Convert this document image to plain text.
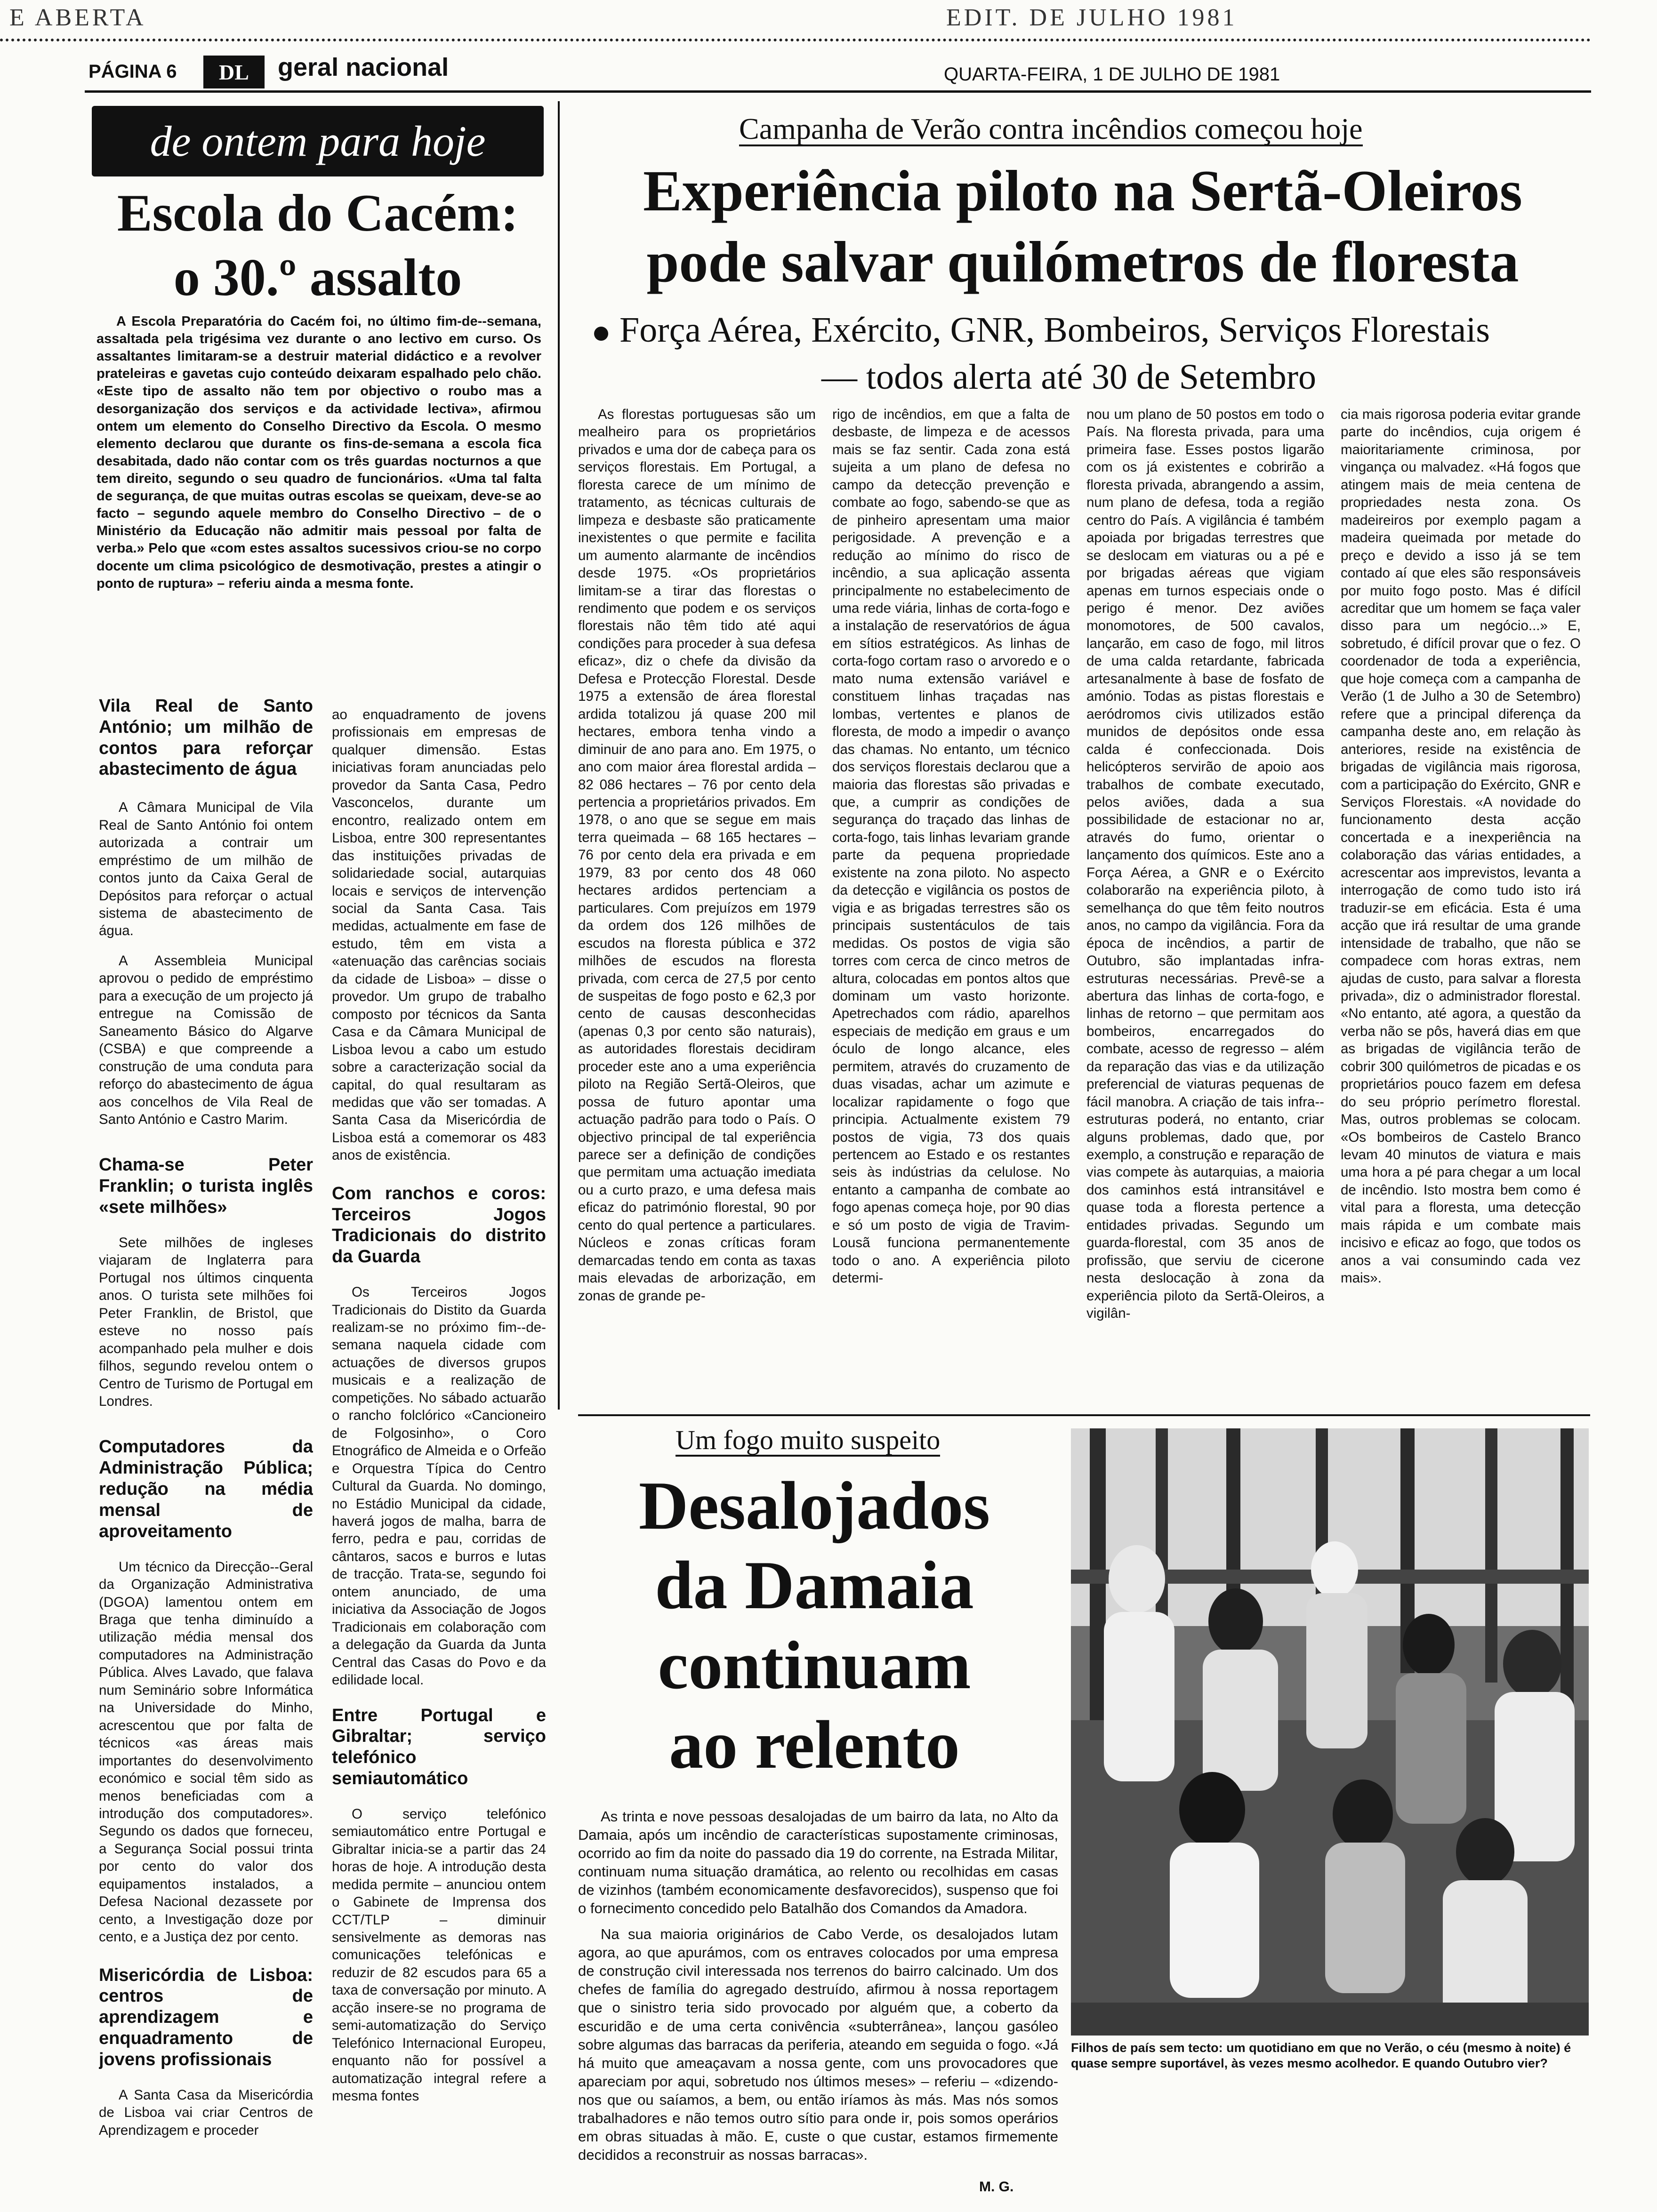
E ABERTA	EDIT. DE JULHO 1981
PÁGINA 6	DL	geral nacional	QUARTA-FEIRA, 1 DE JULHO DE 1981
de ontem para hoje
Escola do Cacém:
o 30.º assalto
A Escola Preparatória do Cacém foi, no último fim-de--semana, assaltada pela trigésima vez durante o ano lectivo em curso. Os assaltantes limitaram-se a destruir material didáctico e a revolver prateleiras e gavetas cujo conteúdo deixaram espalhado pelo chão. «Este tipo de assalto não tem por objectivo o roubo mas a desorganização dos serviços e da actividade lectiva», afirmou ontem um elemento do Conselho Directivo da Escola. O mesmo elemento declarou que durante os fins-de-semana a escola fica desabitada, dado não contar com os três guardas nocturnos a que tem direito, segundo o seu quadro de funcionários. «Uma tal falta de segurança, de que muitas outras escolas se queixam, deve-se ao facto – segundo aquele membro do Conselho Directivo – de o Ministério da Educação não admitir mais pessoal por falta de verba.» Pelo que «com estes assaltos sucessivos criou-se no corpo docente um clima psicológico de desmotivação, prestes a atingir o ponto de ruptura» – referiu ainda a mesma fonte.
Vila Real de Santo António; um milhão de contos para reforçar abastecimento de água

A Câmara Municipal de Vila Real de Santo António foi ontem autorizada a contrair um empréstimo de um milhão de contos junto da Caixa Geral de Depósitos para reforçar o actual sistema de abastecimento de água.

A Assembleia Municipal aprovou o pedido de empréstimo para a execução de um projecto já entregue na Comissão de Saneamento Básico do Algarve (CSBA) e que compreende a construção de uma conduta para reforço do abastecimento de água aos concelhos de Vila Real de Santo António e Castro Marim.

Chama-se Peter Franklin; o turista inglês «sete milhões»

Sete milhões de ingleses viajaram de Inglaterra para Portugal nos últimos cinquenta anos. O turista sete milhões foi Peter Franklin, de Bristol, que esteve no nosso país acompanhado pela mulher e dois filhos, segundo revelou ontem o Centro de Turismo de Portugal em Londres.

Computadores da Administração Pública; redução na média mensal de aproveitamento

Um técnico da Direcção--Geral da Organização Administrativa (DGOA) lamentou ontem em Braga que tenha diminuído a utilização média mensal dos computadores na Administração Pública. Alves Lavado, que falava num Seminário sobre Informática na Universidade do Minho, acrescentou que por falta de técnicos «as áreas mais importantes do desenvolvimento económico e social têm sido as menos beneficiadas com a introdução dos computadores». Segundo os dados que forneceu, a Segurança Social possui trinta por cento do valor dos equipamentos instalados, a Defesa Nacional dezassete por cento, a Investigação doze por cento, e a Justiça dez por cento.

Misericórdia de Lisboa: centros de aprendizagem e enquadramento de jovens profissionais

A Santa Casa da Misericórdia de Lisboa vai criar Centros de Aprendizagem e proceder

ao enquadramento de jovens profissionais em empresas de qualquer dimensão. Estas iniciativas foram anunciadas pelo provedor da Santa Casa, Pedro Vasconcelos, durante um encontro, realizado ontem em Lisboa, entre 300 representantes das instituições privadas de solidariedade social, autarquias locais e serviços de intervenção social da Santa Casa. Tais medidas, actualmente em fase de estudo, têm em vista a «atenuação das carências sociais da cidade de Lisboa» – disse o provedor. Um grupo de trabalho composto por técnicos da Santa Casa e da Câmara Municipal de Lisboa levou a cabo um estudo sobre a caracterização social da capital, do qual resultaram as medidas que vão ser tomadas. A Santa Casa da Misericórdia de Lisboa está a comemorar os 483 anos de existência.

Com ranchos e coros: Terceiros Jogos Tradicionais do distrito da Guarda

Os Terceiros Jogos Tradicionais do Distito da Guarda realizam-se no próximo fim--de-semana naquela cidade com actuações de diversos grupos musicais e a realização de competições. No sábado actuarão o rancho folclórico «Cancioneiro de Folgosinho», o Coro Etnográfico de Almeida e o Orfeão e Orquestra Típica do Centro Cultural da Guarda. No domingo, no Estádio Municipal da cidade, haverá jogos de malha, barra de ferro, pedra e pau, corridas de cântaros, sacos e burros e lutas de tracção. Trata-se, segundo foi ontem anunciado, de uma iniciativa da Associação de Jogos Tradicionais em colaboração com a delegação da Guarda da Junta Central das Casas do Povo e da edilidade local.

Entre Portugal e Gibraltar; serviço telefónico semiautomático

O serviço telefónico semiautomático entre Portugal e Gibraltar inicia-se a partir das 24 horas de hoje. A introdução desta medida permite – anunciou ontem o Gabinete de Imprensa dos CCT/TLP – diminuir sensivelmente as demoras nas comunicações telefónicas e reduzir de 82 escudos para 65 a taxa de conversação por minuto. A acção insere-se no programa de semi-automatização do Serviço Telefónico Internacional Europeu, enquanto não for possível a automatização integral refere a mesma fontes

Campanha de Verão contra incêndios começou hoje
Experiência piloto na Sertã-Oleiros
pode salvar quilómetros de floresta
Força Aérea, Exército, GNR, Bombeiros, Serviços Florestais
— todos alerta até 30 de Setembro

As florestas portuguesas são um mealheiro para os proprietários privados e uma dor de cabeça para os serviços florestais. Em Portugal, a floresta carece de um mínimo de tratamento, as técnicas culturais de limpeza e desbaste são praticamente inexistentes o que permite e facilita um aumento alarmante de incêndios desde 1975. «Os proprietários limitam-se a tirar das florestas o rendimento que podem e os serviços florestais não têm tido até aqui condições para proceder à sua defesa eficaz», diz o chefe da divisão da Defesa e Protecção Florestal. Desde 1975 a extensão de área florestal ardida totalizou já quase 200 mil hectares, embora tenha vindo a diminuir de ano para ano. Em 1975, o ano com maior área florestal ardida – 82 086 hectares – 76 por cento dela pertencia a proprietários privados. Em 1978, o ano que se segue em mais terra queimada – 68 165 hectares – 76 por cento dela era privada e em 1979, 83 por cento dos 48 060 hectares ardidos pertenciam a particulares. Com prejuízos em 1979 da ordem dos 126 milhões de escudos na floresta pública e 372 milhões de escudos na floresta privada, com cerca de 27,5 por cento de suspeitas de fogo posto e 62,3 por cento de causas desconhecidas (apenas 0,3 por cento são naturais), as autoridades florestais decidiram proceder este ano a uma experiência piloto na Região Sertã-Oleiros, que possa de futuro apontar uma actuação padrão para todo o País. O objectivo principal de tal experiência parece ser a definição de condições que permitam uma actuação imediata ou a curto prazo, e uma defesa mais eficaz do património florestal, 90 por cento do qual pertence a particulares. Núcleos e zonas críticas foram demarcadas tendo em conta as taxas mais elevadas de arborização, em zonas de grande pe-

rigo de incêndios, em que a falta de desbaste, de limpeza e de acessos mais se faz sentir. Cada zona está sujeita a um plano de defesa no campo da detecção prevenção e combate ao fogo, sabendo-se que as de pinheiro apresentam uma maior perigosidade. A prevenção e a redução ao mínimo do risco de incêndio, a sua aplicação assenta principalmente no estabelecimento de uma rede viária, linhas de corta-fogo e a instalação de reservatórios de água em sítios estratégicos. As linhas de corta-fogo cortam raso o arvoredo e o mato numa extensão variável e constituem linhas traçadas nas lombas, vertentes e planos de floresta, de modo a impedir o avanço das chamas. No entanto, um técnico dos serviços florestais declarou que a maioria das florestas são privadas e que, a cumprir as condições de segurança do traçado das linhas de corta-fogo, tais linhas levariam grande parte da pequena propriedade existente na zona piloto. No aspecto da detecção e vigilância os postos de vigia e as brigadas terrestres são os principais sustentáculos de tais medidas. Os postos de vigia são torres com cerca de cinco metros de altura, colocadas em pontos altos que dominam um vasto horizonte. Apetrechados com rádio, aparelhos especiais de medição em graus e um óculo de longo alcance, eles permitem, através do cruzamento de duas visadas, achar um azimute e localizar rapidamente o fogo que principia. Actualmente existem 79 postos de vigia, 73 dos quais pertencem ao Estado e os restantes seis às indústrias da celulose. No entanto a campanha de combate ao fogo apenas começa hoje, por 90 dias e só um posto de vigia de Travim-Lousã funciona permanentemente todo o ano. A experiência piloto determi-

nou um plano de 50 postos em todo o País. Na floresta privada, para uma primeira fase. Esses postos ligarão com os já existentes e cobrirão a floresta privada, abrangendo a assim, num plano de defesa, toda a região centro do País. A vigilância é também apoiada por brigadas terrestres que se deslocam em viaturas ou a pé e por brigadas aéreas que vigiam apenas em turnos especiais onde o perigo é menor. Dez aviões monomotores, de 500 cavalos, lançarão, em caso de fogo, mil litros de uma calda retardante, fabricada artesanalmente à base de fosfato de amónio. Todas as pistas florestais e aeródromos civis utilizados estão munidos de depósitos onde essa calda é confeccionada. Dois helicópteros servirão de apoio aos trabalhos de combate executado, pelos aviões, dada a sua possibilidade de estacionar no ar, através do fumo, orientar o lançamento dos químicos. Este ano a Força Aérea, a GNR e o Exército colaborarão na experiência piloto, à semelhança do que têm feito noutros anos, no campo da vigilância. Fora da época de incêndios, a partir de Outubro, são implantadas infra-estruturas necessárias. Prevê-se a abertura das linhas de corta-fogo, e linhas de retorno – que permitam aos bombeiros, encarregados do combate, acesso de regresso – além da reparação das vias e da utilização preferencial de viaturas pequenas de fácil manobra. A criação de tais infra--estruturas poderá, no entanto, criar alguns problemas, dado que, por exemplo, a construção e reparação de vias compete às autarquias, a maioria dos caminhos está intransitável e quase toda a floresta pertence a entidades privadas. Segundo um guarda-florestal, com 35 anos de profissão, que serviu de cicerone nesta deslocação à zona da experiência piloto da Sertã-Oleiros, a vigilân-

cia mais rigorosa poderia evitar grande parte do incêndios, cuja origem é maioritariamente criminosa, por vingança ou malvadez. «Há fogos que atingem mais de meia centena de propriedades nesta zona. Os madeireiros por exemplo pagam a madeira queimada por metade do preço e devido a isso já se tem contado aí que eles são responsáveis por muito fogo posto. Mas é difícil acreditar que um homem se faça valer disso para um negócio...» E, sobretudo, é difícil provar que o fez. O coordenador de toda a experiência, que hoje começa com a campanha de Verão (1 de Julho a 30 de Setembro) refere que a principal diferença da campanha deste ano, em relação às anteriores, reside na existência de brigadas de vigilância mais rigorosa, com a participação do Exército, GNR e Serviços Florestais. «A novidade do funcionamento desta acção concertada e a inexperiência na colaboração das várias entidades, a acrescentar aos imprevistos, levanta a interrogação de como tudo isto irá traduzir-se em eficácia. Esta é uma acção que irá resultar de uma grande intensidade de trabalho, que não se compadece com horas extras, nem ajudas de custo, para salvar a floresta privada», diz o administrador florestal. «No entanto, até agora, a questão da verba não se pôs, haverá dias em que as brigadas de vigilância terão de cobrir 300 quilómetros de picadas e os proprietários pouco fazem em defesa do seu próprio perímetro florestal. Mas, outros problemas se colocam. «Os bombeiros de Castelo Branco levam 40 minutos de viatura e mais uma hora a pé para chegar a um local de incêndio. Isto mostra bem como é vital para a floresta, uma detecção mais rápida e um combate mais incisivo e eficaz ao fogo, que todos os anos a vai consumindo cada vez mais».

Um fogo muito suspeito
Desalojados
da Damaia
continuam
ao relento

As trinta e nove pessoas desalojadas de um bairro da lata, no Alto da Damaia, após um incêndio de características supostamente criminosas, ocorrido ao fim da noite do passado dia 19 do corrente, na Estrada Militar, continuam numa situação dramática, ao relento ou recolhidas em casas de vizinhos (também economicamente desfavorecidos), suspenso que foi o fornecimento concedido pelo Batalhão dos Comandos da Amadora.

Na sua maioria originários de Cabo Verde, os desalojados lutam agora, ao que apurámos, com os entraves colocados por uma empresa de construção civil interessada nos terrenos do bairro calcinado. Um dos chefes de família do agregado destruído, afirmou à nossa reportagem que o sinistro teria sido provocado por alguém que, a coberto da escuridão e de uma certa conivência «subterrânea», lançou gasóleo sobre algumas das barracas da periferia, ateando em seguida o fogo. «Já há muito que ameaçavam a nossa gente, com uns provocadores que apareciam por aqui, sobretudo nos últimos meses» – referiu – «dizendo-nos que ou saíamos, a bem, ou então iríamos às más. Mas nós somos trabalhadores e não temos outro sítio para onde ir, pois somos operários em obras situadas à mão. E, custe o que custar, estamos firmemente decididos a reconstruir as nossas barracas».

M. G.
Filhos de país sem tecto: um quotidiano em que no Verão, o céu (mesmo à noite) é quase sempre suportável, às vezes mesmo acolhedor. E quando Outubro vier?
